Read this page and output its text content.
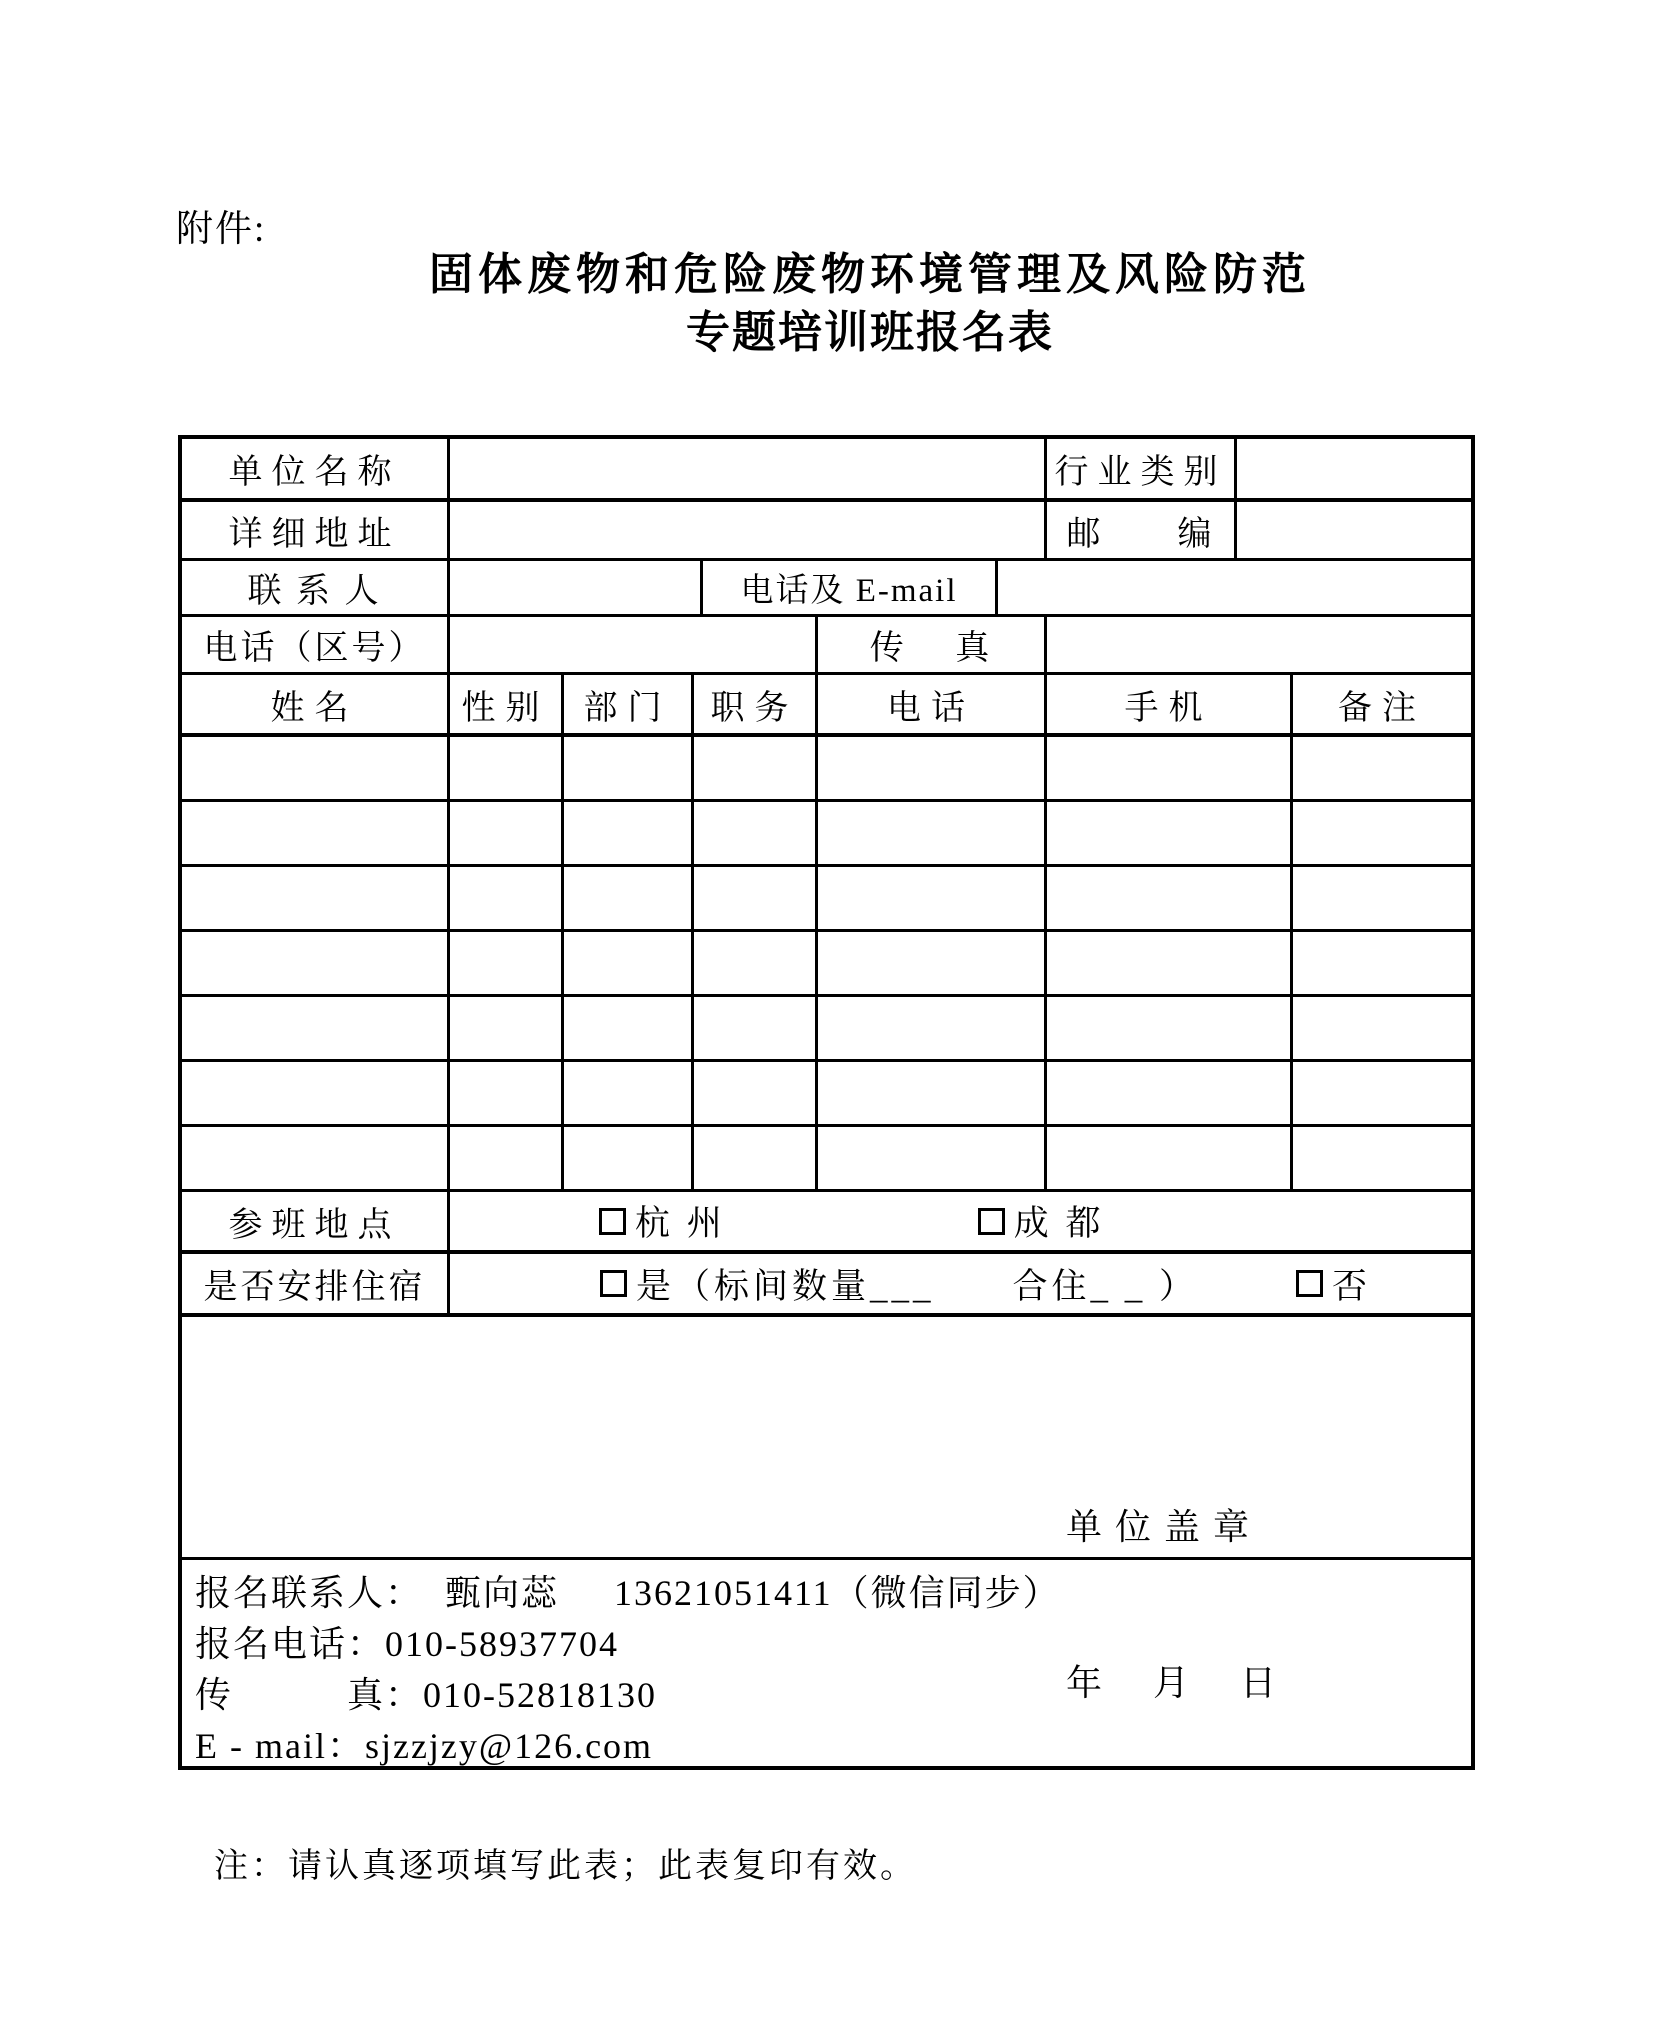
附件:
固体废物和危险废物环境管理及风险防范
专题培训班报名表
单位名称	行业类别
详细地址	邮　　编
联 系 人	电话及 E-mail
电话（区号）	传　 真
姓名	性别	部门	职务	电话	手机	备注
参班地点	杭 州	成 都
是否安排住宿	是（标间数量___　　合住_ _ ）	否

单 位 盖 章

年　 月　 日

报名联系人：  甄向蕊     13621051411（微信同步）
报名电话：010-58937704
传　　　真：010-52818130
E - mail：sjzzjzy@126.com
注：请认真逐项填写此表；此表复印有效。
